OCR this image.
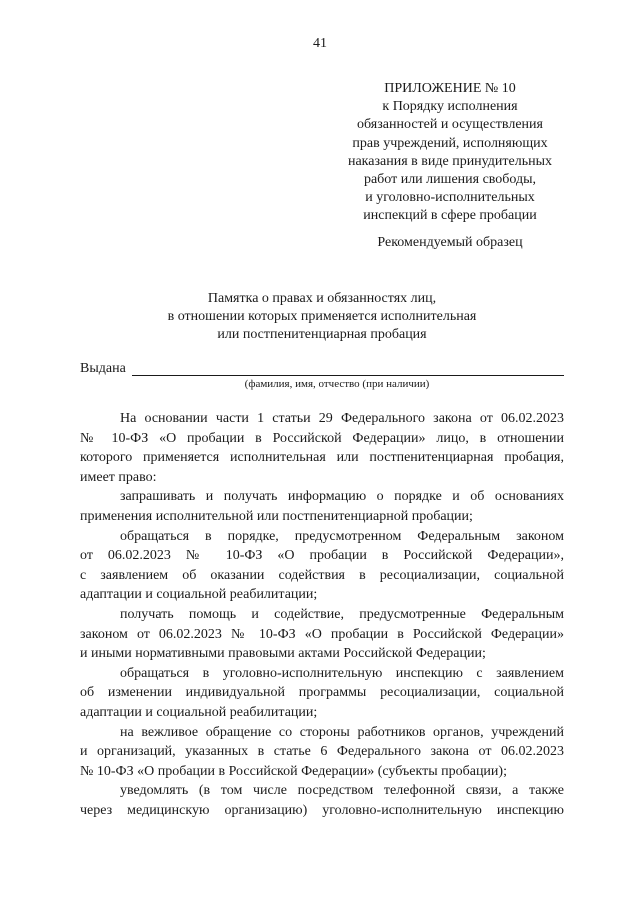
41
ПРИЛОЖЕНИЕ № 10
к Порядку исполнения
обязанностей и осуществления
прав учреждений, исполняющих
наказания в виде принудительных
работ или лишения свободы,
и уголовно-исполнительных
инспекций в сфере пробации
Рекомендуемый образец
Памятка о правах и обязанностях лиц,
в отношении которых применяется исполнительная
или постпенитенциарная пробация
Выдана
(фамилия, имя, отчество (при наличии)
На основании части 1 статьи 29 Федерального закона от 06.02.2023
№ 10-ФЗ «О пробации в Российской Федерации» лицо, в отношении
которого применяется исполнительная или постпенитенциарная пробация,
имеет право:
запрашивать и получать информацию о порядке и об основаниях
применения исполнительной или постпенитенциарной пробации;
обращаться в порядке, предусмотренном Федеральным законом
от 06.02.2023 № 10-ФЗ «О пробации в Российской Федерации»,
с заявлением об оказании содействия в ресоциализации, социальной
адаптации и социальной реабилитации;
получать помощь и содействие, предусмотренные Федеральным
законом от 06.02.2023 № 10-ФЗ «О пробации в Российской Федерации»
и иными нормативными правовыми актами Российской Федерации;
обращаться в уголовно-исполнительную инспекцию с заявлением
об изменении индивидуальной программы ресоциализации, социальной
адаптации и социальной реабилитации;
на вежливое обращение со стороны работников органов, учреждений
и организаций, указанных в статье 6 Федерального закона от 06.02.2023
№ 10-ФЗ «О пробации в Российской Федерации» (субъекты пробации);
уведомлять (в том числе посредством телефонной связи, а также
через медицинскую организацию) уголовно-исполнительную инспекцию
